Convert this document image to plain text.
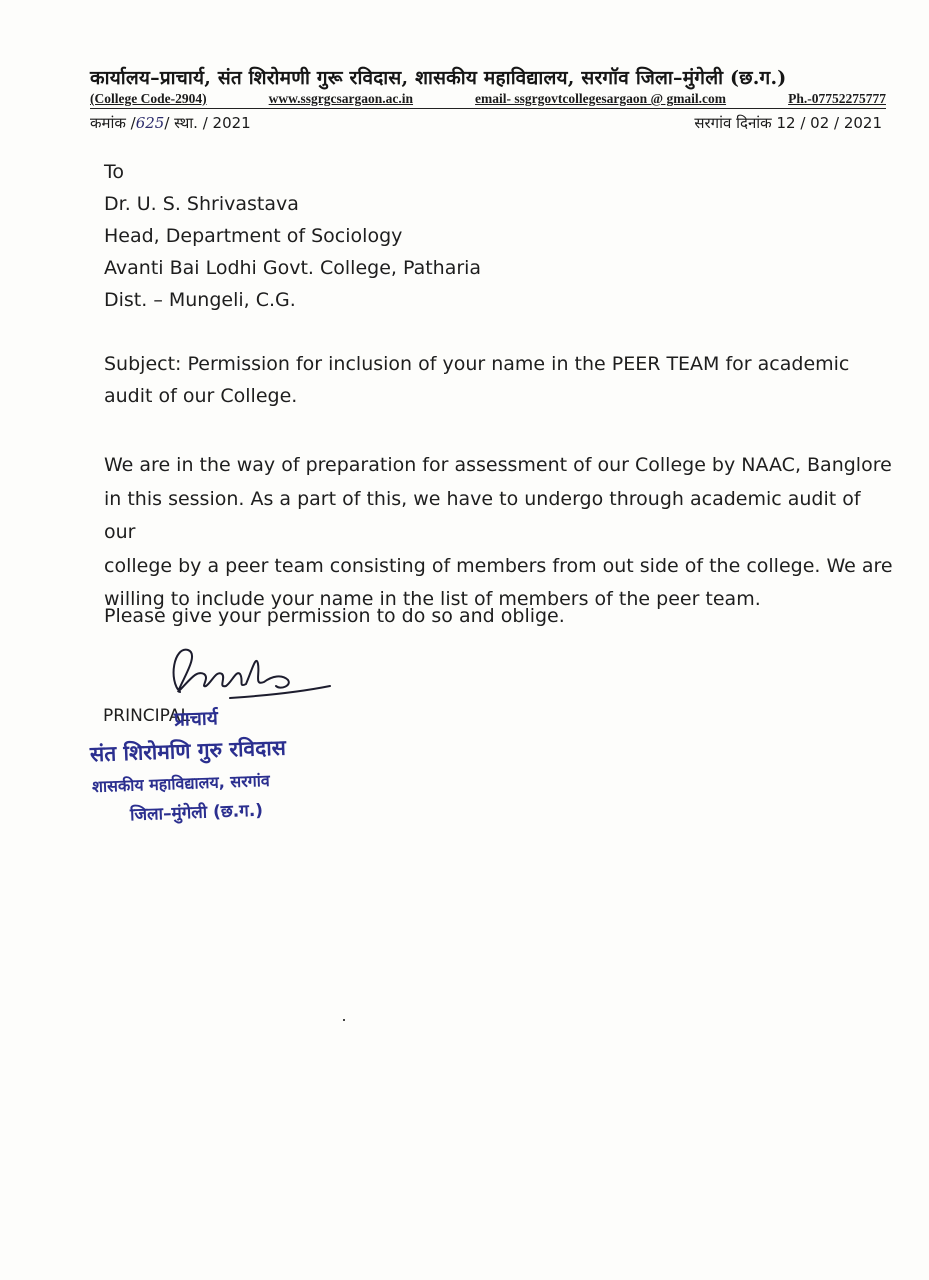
कार्यालय–प्राचार्य, संत शिरोमणी गुरू रविदास, शासकीय महाविद्यालय, सरगॉव जिला–मुंगेली (छ.ग.)
(College Code-2904)	www.ssgrgcsargaon.ac.in	email- ssgrgovtcollegesargaon @ gmail.com	Ph.-07752275777
कमांक /625/ स्था. / 2021	सरगांव दिनांक 12 / 02 / 2021
To
Dr. U. S. Shrivastava
Head, Department of Sociology
Avanti Bai Lodhi Govt. College, Patharia
Dist. – Mungeli, C.G.
Subject: Permission for inclusion of your name in the PEER TEAM for academic
audit of our College.
We are in the way of preparation for assessment of our College by NAAC, Banglore
in this session. As a part of this, we have to undergo through academic audit of our
college by a peer team consisting of members from out side of the college. We are
willing to include your name in the list of members of the peer team.
Please give your permission to do so and oblige.
PRINCIPAL
प्राचार्य
संत शिरोमणि गुरु रविदास
शासकीय महाविद्यालय, सरगांव
जिला–मुंगेली (छ.ग.)
